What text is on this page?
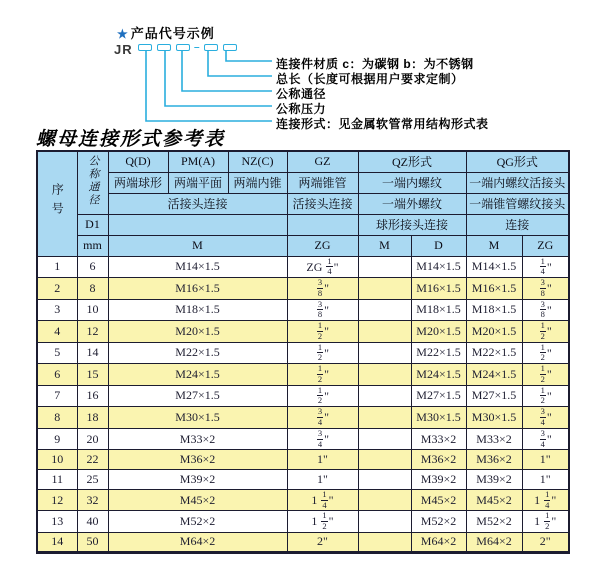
★ 产品代号示例
JR	–
连接件材质 c：为碳钢 b：为不锈钢
总长（长度可根据用户要求定制）
公称通径
公称压力
连接形式：见金属软管常用结构形式表
螺母连接形式参考表
序号	公称通径	Q(D)	PM(A)	NZ(C)	GZ	QZ形式		QG形式	
		两端球形	两端平面	两端内锥	两端锥管	一端内螺纹		一端内螺纹活接头	
		活接头连接			活接头连接	一端外螺纹		一端锥管螺纹接头	
	D1					球形接头连接		连接	
	mm	M			ZG	M	D	M	ZG
1	6	M14×1.5			ZG $\frac{1}{4}$ "		M14×1.5	M14×1.5	$\frac{1}{4}$ "
2	8	M16×1.5			$\frac{3}{8}$ "		M16×1.5	M16×1.5	$\frac{3}{8}$ "
3	10	M18×1.5			$\frac{3}{8}$ "		M18×1.5	M18×1.5	$\frac{3}{8}$ "
4	12	M20×1.5			$\frac{1}{2}$ "		M20×1.5	M20×1.5	$\frac{1}{2}$ "
5	14	M22×1.5			$\frac{1}{2}$ "		M22×1.5	M22×1.5	$\frac{1}{2}$ "
6	15	M24×1.5			$\frac{1}{2}$ "		M24×1.5	M24×1.5	$\frac{1}{2}$ "
7	16	M27×1.5			$\frac{1}{2}$ "		M27×1.5	M27×1.5	$\frac{1}{2}$ "
8	18	M30×1.5			$\frac{3}{4}$ "		M30×1.5	M30×1.5	$\frac{3}{4}$ "
9	20	M33×2			$\frac{3}{4}$ "		M33×2	M33×2	$\frac{3}{4}$ "
10	22	M36×2			1"		M36×2	M36×2	1"
11	25	M39×2			1"		M39×2	M39×2	1"
12	32	M45×2			$1 \frac{1}{4}$ "		M45×2	M45×2	$1 \frac{1}{4}$ "
13	40	M52×2			$1 \frac{1}{2}$ "		M52×2	M52×2	$1 \frac{1}{2}$ "
14	50	M64×2			2"		M64×2	M64×2	2"
